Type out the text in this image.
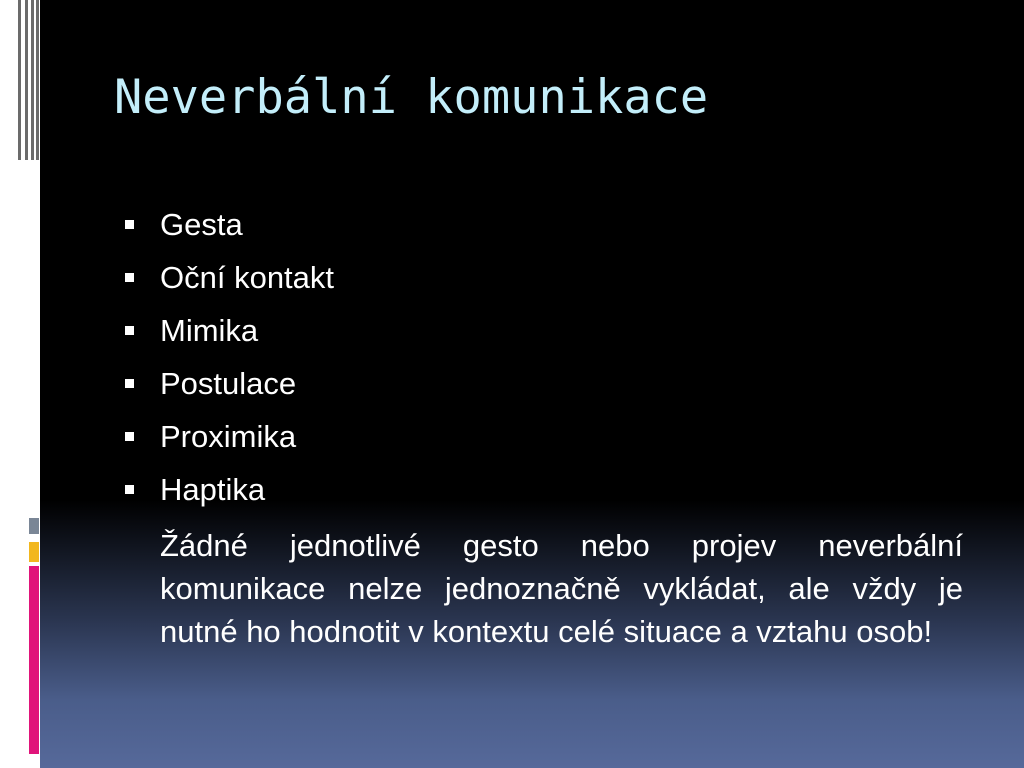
Neverbální komunikace
Gesta
Oční kontakt
Mimika
Postulace
Proximika
Haptika

Žádné jednotlivé gesto nebo projev neverbální komunikace nelze jednoznačně vykládat, ale vždy je nutné ho hodnotit v kontextu celé situace a vztahu osob!
